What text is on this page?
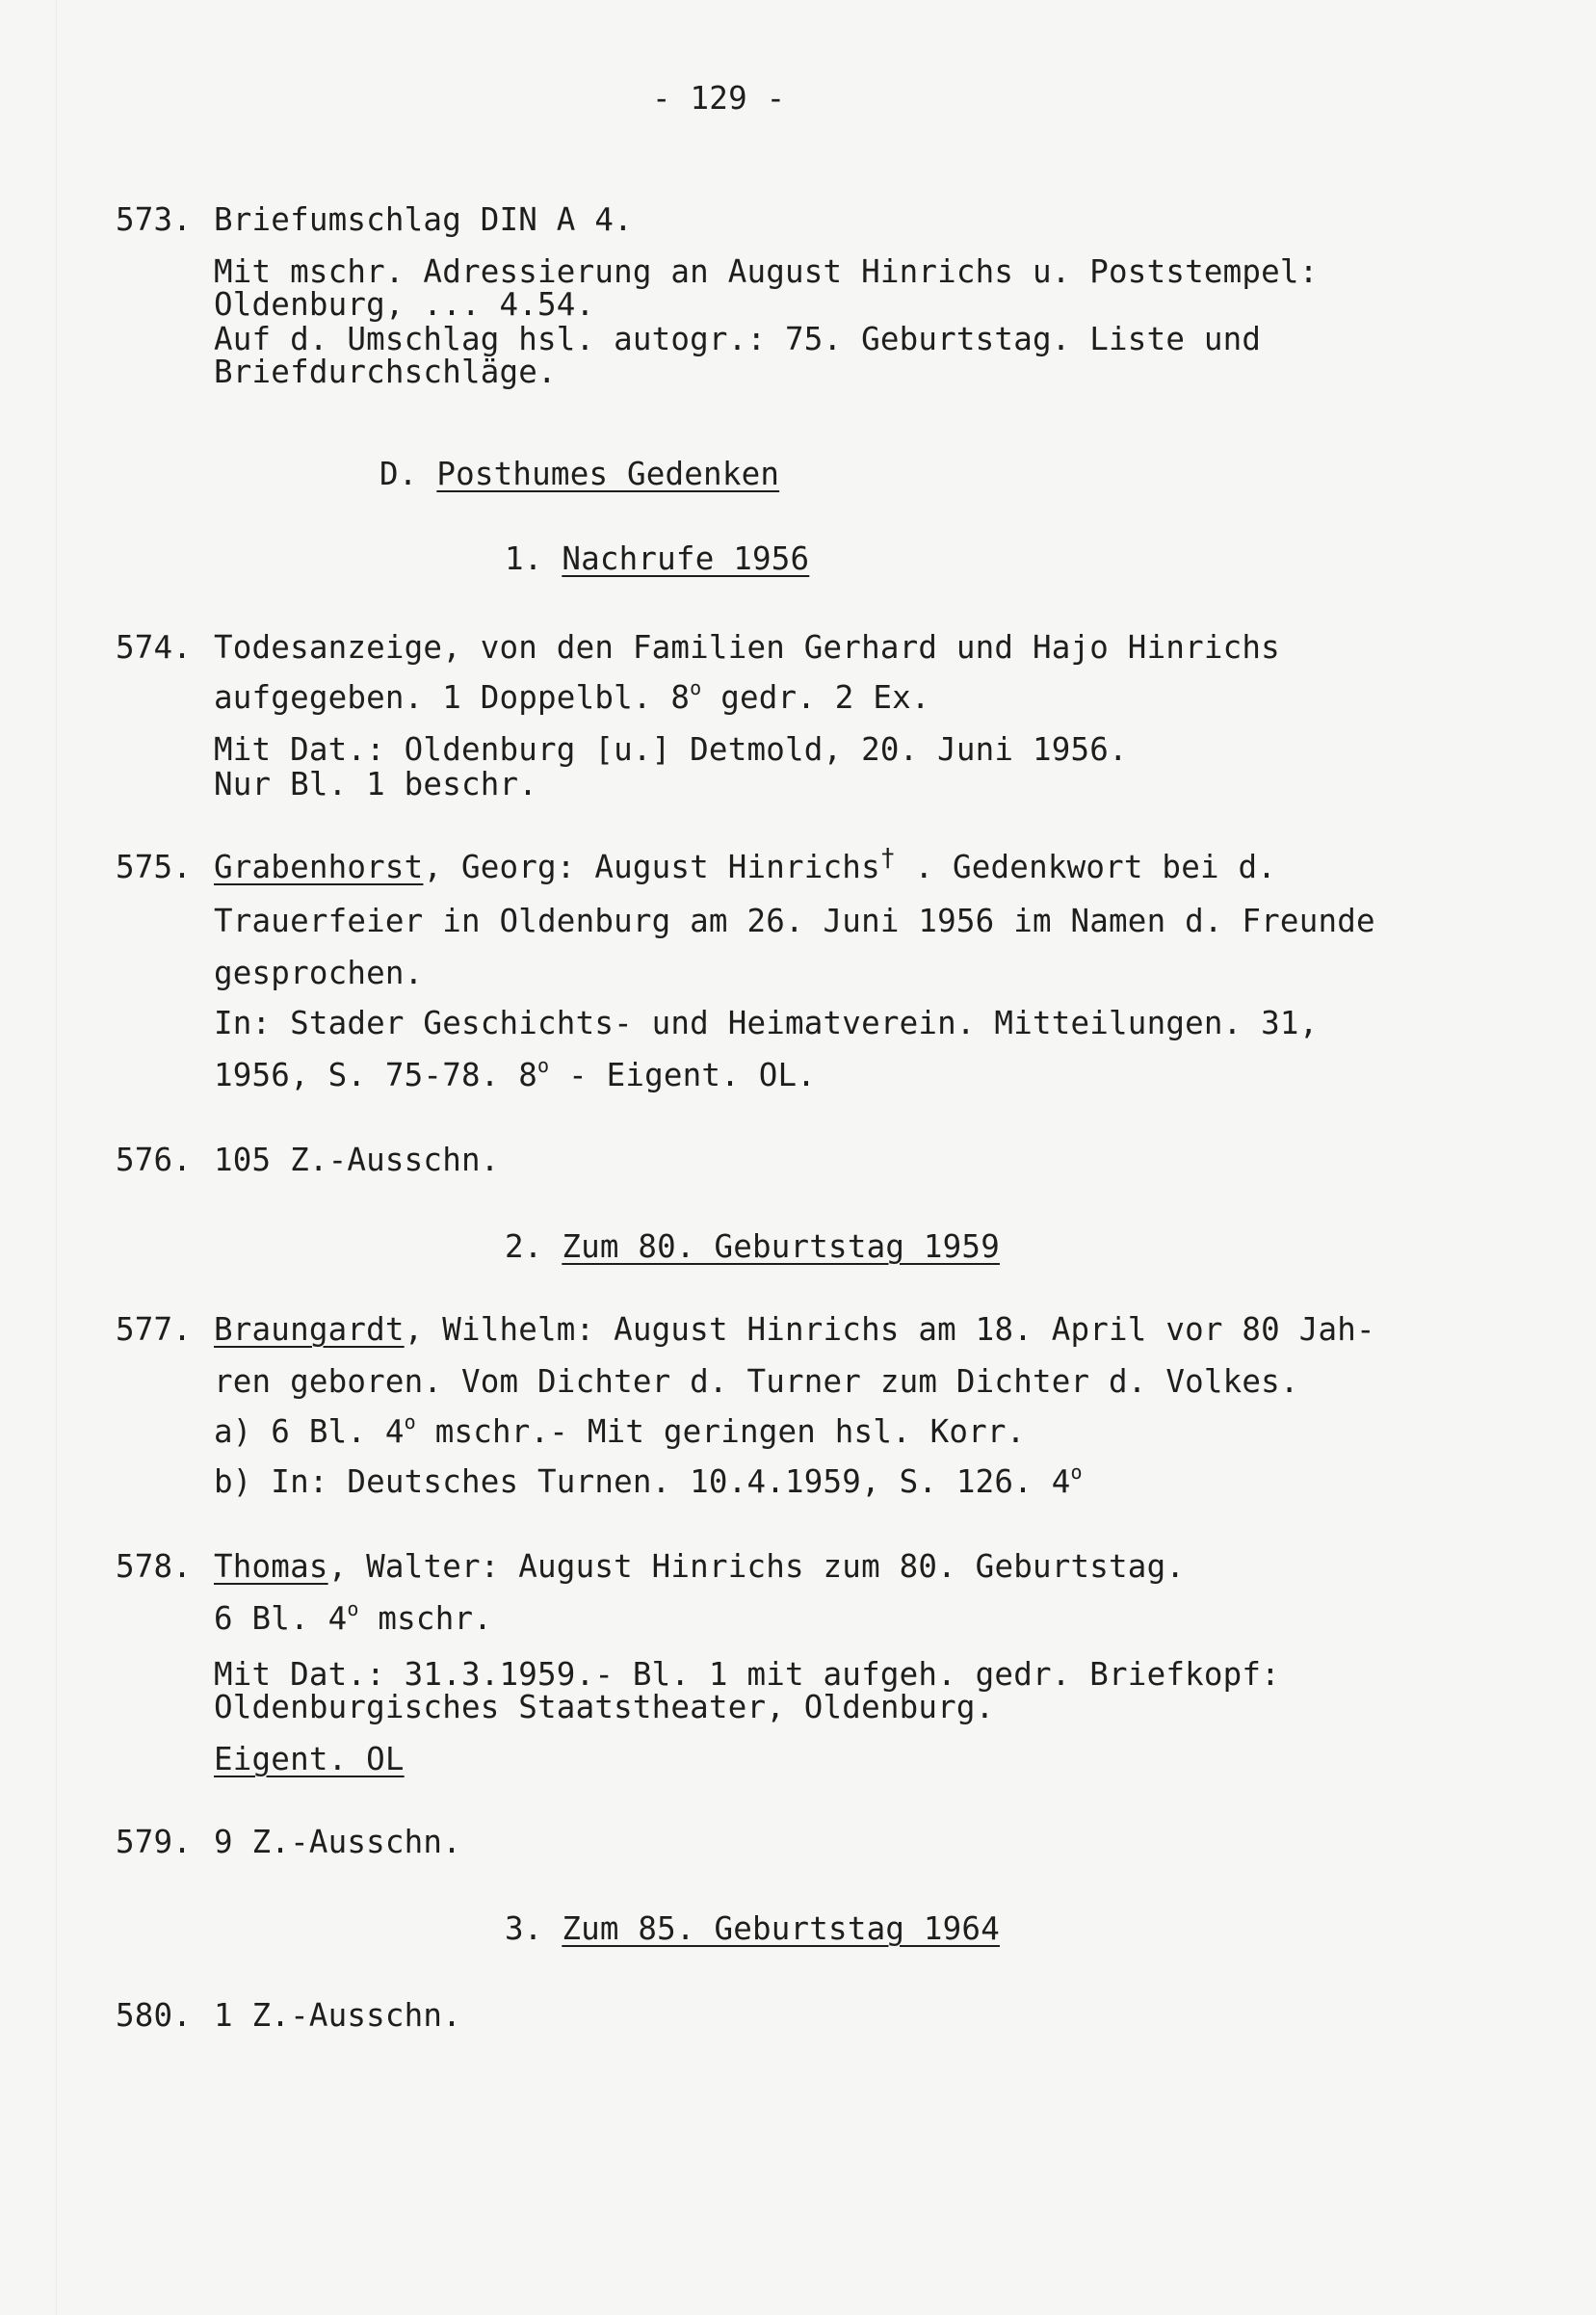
- 129 -
573. Briefumschlag DIN A 4.
Mit mschr. Adressierung an August Hinrichs u. Poststempel:
Oldenburg, ... 4.54.
Auf d. Umschlag hsl. autogr.: 75. Geburtstag. Liste und
Briefdurchschläge.
D. Posthumes Gedenken
1. Nachrufe 1956
574. Todesanzeige, von den Familien Gerhard und Hajo Hinrichs
aufgegeben. 1 Doppelbl. 8$^o$ gedr. 2 Ex.
Mit Dat.: Oldenburg [u.] Detmold, 20. Juni 1956.
Nur Bl. 1 beschr.
575. Grabenhorst, Georg: August Hinrichs† . Gedenkwort bei d.
Trauerfeier in Oldenburg am 26. Juni 1956 im Namen d. Freunde
gesprochen.
In: Stader Geschichts- und Heimatverein. Mitteilungen. 31,
1956, S. 75-78. 8$^o$ - Eigent. OL.
576. 105 Z.-Ausschn.
2. Zum 80. Geburtstag 1959
577. Braungardt, Wilhelm: August Hinrichs am 18. April vor 80 Jah-
ren geboren. Vom Dichter d. Turner zum Dichter d. Volkes.
a) 6 Bl. 4$^o$ mschr.- Mit geringen hsl. Korr.
b) In: Deutsches Turnen. 10.4.1959, S. 126. 4$^o$
578. Thomas, Walter: August Hinrichs zum 80. Geburtstag.
6 Bl. 4$^o$ mschr.
Mit Dat.: 31.3.1959.- Bl. 1 mit aufgeh. gedr. Briefkopf:
Oldenburgisches Staatstheater, Oldenburg.
Eigent. OL
579. 9 Z.-Ausschn.
3. Zum 85. Geburtstag 1964
580. 1 Z.-Ausschn.
